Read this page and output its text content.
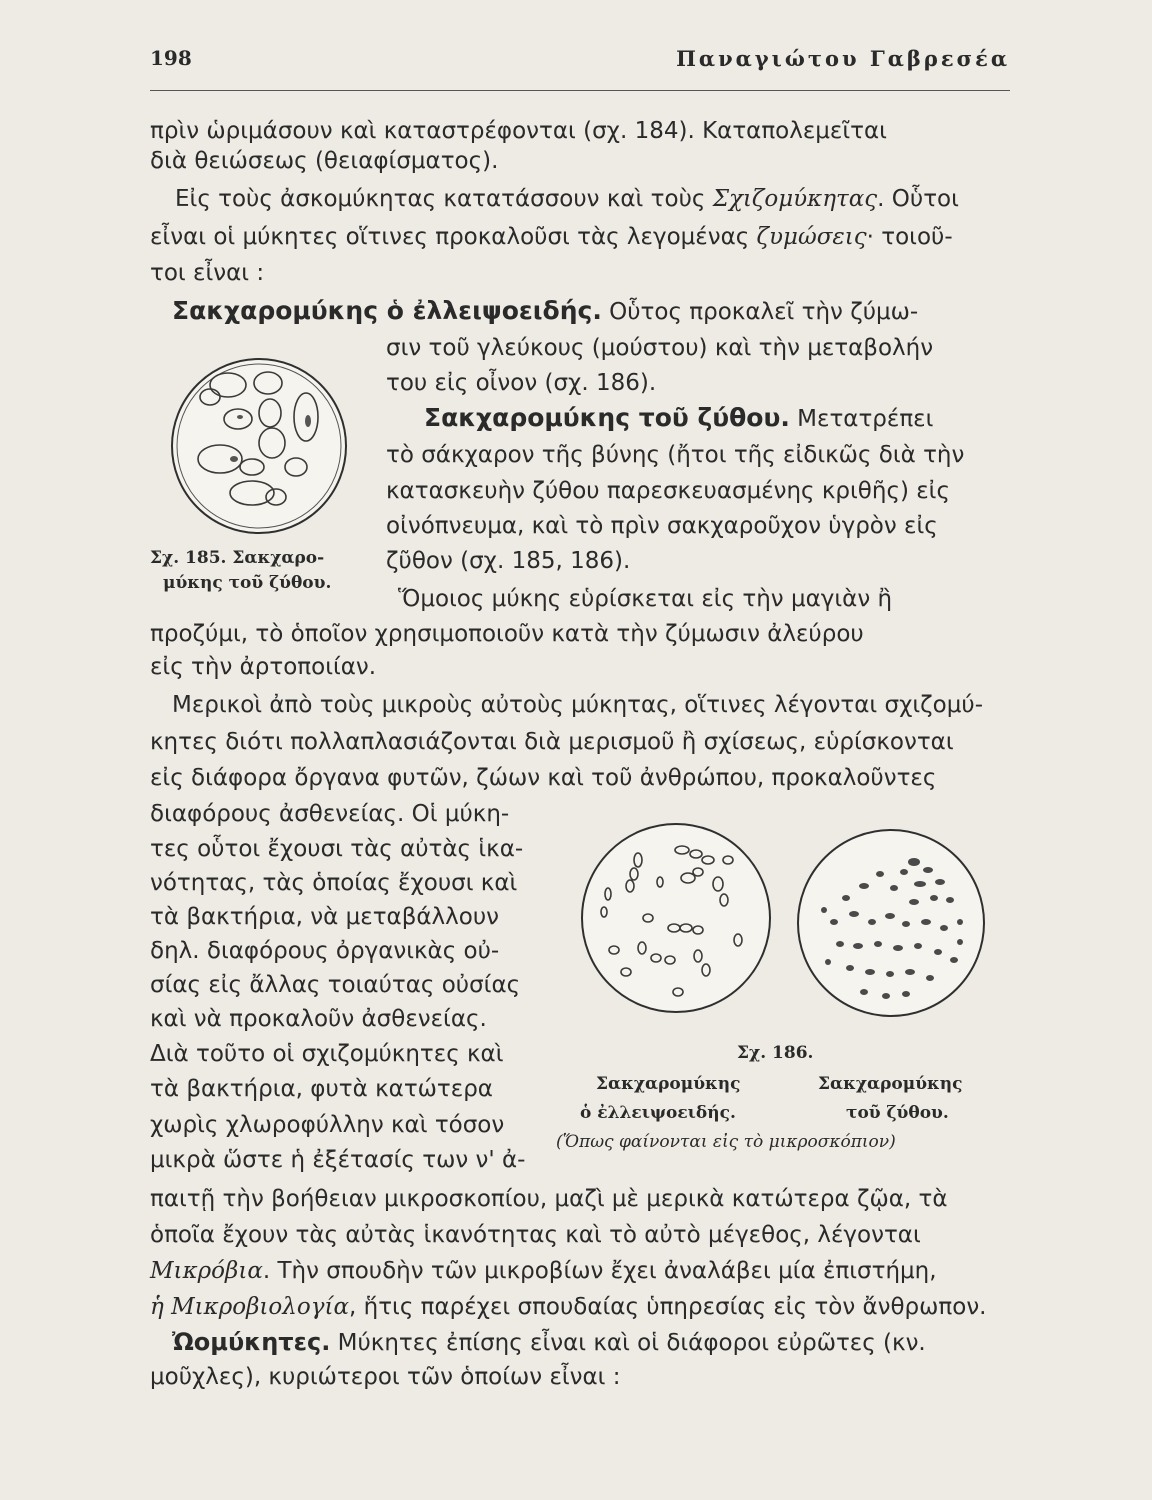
198	Παναγιώτου Γαβρεσέα
πρὶν ὡριμάσουν καὶ καταστρέφονται (σχ. 184). Καταπολεμεῖται
διὰ θειώσεως (θειαφίσματος).
Εἰς τοὺς ἀσκομύκητας κατατάσσουν καὶ τοὺς Σχιζομύκητας. Οὗτοι
εἶναι οἱ μύκητες οἵτινες προκαλοῦσι τὰς λεγομένας ζυμώσεις· τοιοῦ-
τοι εἶναι :
Σακχαρομύκης ὁ ἐλλειψοειδής. Οὗτος προκαλεῖ τὴν ζύμω-
σιν τοῦ γλεύκους (μούστου) καὶ τὴν μεταβολήν
του εἰς οἶνον (σχ. 186).
Σακχαρομύκης τοῦ ζύθου. Μετατρέπει
τὸ σάκχαρον τῆς βύνης (ἤτοι τῆς εἰδικῶς διὰ τὴν
κατασκευὴν ζύθου παρεσκευασμένης κριθῆς) εἰς
οἰνόπνευμα, καὶ τὸ πρὶν σακχαροῦχον ὑγρὸν εἰς
ζῦθον (σχ. 185, 186).
Σχ. 185. Σακχαρο-
μύκης τοῦ ζύθου.
Ὅμοιος μύκης εὑρίσκεται εἰς τὴν μαγιὰν ἢ
προζύμι, τὸ ὁποῖον χρησιμοποιοῦν κατὰ τὴν ζύμωσιν ἀλεύρου
εἰς τὴν ἀρτοποιίαν.
Μερικοὶ ἀπὸ τοὺς μικροὺς αὐτοὺς μύκητας, οἵτινες λέγονται σχιζομύ-
κητες διότι πολλαπλασιάζονται διὰ μερισμοῦ ἢ σχίσεως, εὑρίσκονται
εἰς διάφορα ὄργανα φυτῶν, ζώων καὶ τοῦ ἀνθρώπου, προκαλοῦντες
διαφόρους ἀσθενείας. Οἱ μύκη-
τες οὗτοι ἔχουσι τὰς αὐτὰς ἱκα-
νότητας, τὰς ὁποίας ἔχουσι καὶ
τὰ βακτήρια, νὰ μεταβάλλουν
δηλ. διαφόρους ὀργανικὰς οὐ-
σίας εἰς ἄλλας τοιαύτας οὐσίας
καὶ νὰ προκαλοῦν ἀσθενείας.
Διὰ τοῦτο οἱ σχιζομύκητες καὶ
τὰ βακτήρια, φυτὰ κατώτερα
χωρὶς χλωροφύλλην καὶ τόσον
μικρὰ ὥστε ἡ ἐξέτασίς των ν' ἀ-
παιτῇ τὴν βοήθειαν μικροσκοπίου, μαζὶ μὲ μερικὰ κατώτερα ζῷα, τὰ
ὁποῖα ἔχουν τὰς αὐτὰς ἱκανότητας καὶ τὸ αὐτὸ μέγεθος, λέγονται
Μικρόβια. Τὴν σπουδὴν τῶν μικροβίων ἔχει ἀναλάβει μία ἐπιστήμη,
ἡ Μικροβιολογία, ἥτις παρέχει σπουδαίας ὑπηρεσίας εἰς τὸν ἄνθρωπον.
Σχ. 186.
Σακχαρομύκης
ὁ ἐλλειψοειδής.
Σακχαρομύκης
τοῦ ζύθου.
(Ὅπως φαίνονται εἰς τὸ μικροσκόπιον)
Ὠομύκητες. Μύκητες ἐπίσης εἶναι καὶ οἱ διάφοροι εὐρῶτες (κν.
μοῦχλες), κυριώτεροι τῶν ὁποίων εἶναι :
